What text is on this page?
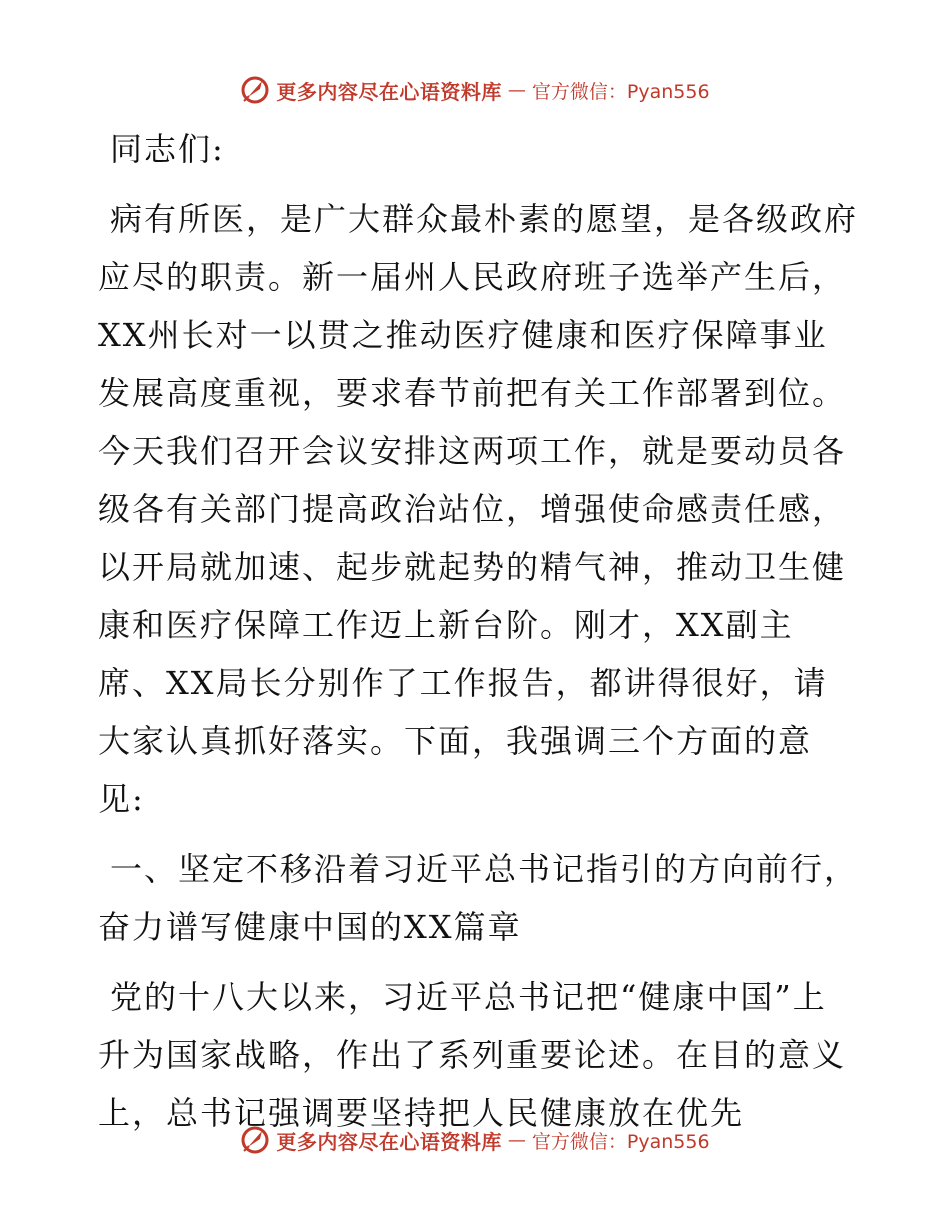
更多内容尽在心语资料库 — 官方微信：Pyan556

同志们:

病有所医，是广大群众最朴素的愿望，是各级政府应尽的职责。新一届州人民政府班子选举产生后，XX州长对一以贯之推动医疗健康和医疗保障事业发展高度重视，要求春节前把有关工作部署到位。今天我们召开会议安排这两项工作，就是要动员各级各有关部门提高政治站位，增强使命感责任感，以开局就加速、起步就起势的精气神，推动卫生健康和医疗保障工作迈上新台阶。刚才，XX副主席、XX局长分别作了工作报告，都讲得很好，请大家认真抓好落实。下面，我强调三个方面的意见:

一、坚定不移沿着习近平总书记指引的方向前行，奋力谱写健康中国的XX篇章

党的十八大以来，习近平总书记把“健康中国”上升为国家战略，作出了系列重要论述。在目的意义上，总书记强调要坚持把人民健康放在优先

更多内容尽在心语资料库 — 官方微信：Pyan556
